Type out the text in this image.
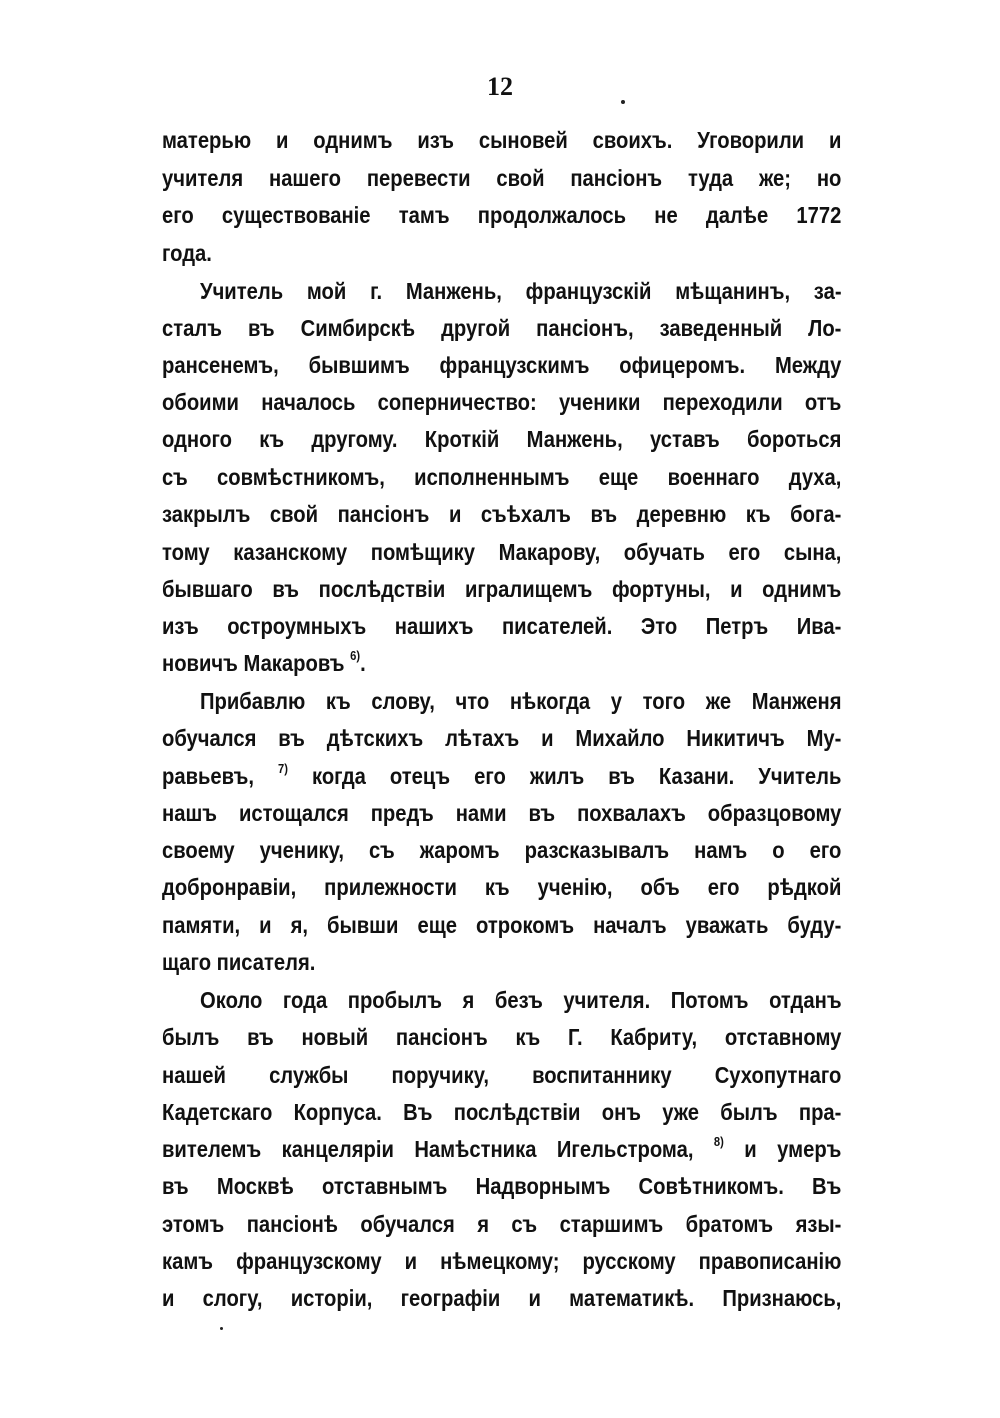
12
матерью и однимъ изъ сыновей своихъ. Уговорили и
учителя нашего перевести свой пансіонъ туда же; но
его существованіе тамъ продолжалось не далѣе 1772
года.
Учитель мой г. Манжень, французскій мѣщанинъ, за-
сталъ въ Симбирскѣ другой пансіонъ, заведенный Ло-
рансенемъ, бывшимъ французскимъ офицеромъ. Между
обоими началось соперничество: ученики переходили отъ
одного къ другому. Кроткій Манжень, уставъ бороться
съ совмѣстникомъ, исполненнымъ еще военнаго духа,
закрылъ свой пансіонъ и съѣхалъ въ деревню къ бога-
тому казанскому помѣщику Макарову, обучать его сына,
бывшаго въ послѣдствіи игралищемъ фортуны, и однимъ
изъ остроумныхъ нашихъ писателей. Это Петръ Ива-
новичъ Макаровъ $^{6)}$.
Прибавлю къ слову, что нѣкогда у того же Манженя
обучался въ дѣтскихъ лѣтахъ и Михайло Никитичъ Му-
равьевъ, $^{7)}$ когда отецъ его жилъ въ Казани. Учитель
нашъ истощался предъ нами въ похвалахъ образцовому
своему ученику, съ жаромъ разсказывалъ намъ о его
добронравіи, прилежности къ ученію, объ его рѣдкой
памяти, и я, бывши еще отрокомъ началъ уважать буду-
щаго писателя.
Около года пробылъ я безъ учителя. Потомъ отданъ
былъ въ новый пансіонъ къ Г. Кабриту, отставному
нашей службы поручику, воспитаннику Сухопутнаго
Кадетскаго Корпуса. Въ послѣдствіи онъ уже былъ пра-
вителемъ канцеляріи Намѣстника Игельстрома, $^{8)}$ и умеръ
въ Москвѣ отставнымъ Надворнымъ Совѣтникомъ. Въ
этомъ пансіонѣ обучался я съ старшимъ братомъ язы-
камъ французскому и нѣмецкому; русскому правописанію
и слогу, исторіи, географіи и математикѣ. Признаюсь,
